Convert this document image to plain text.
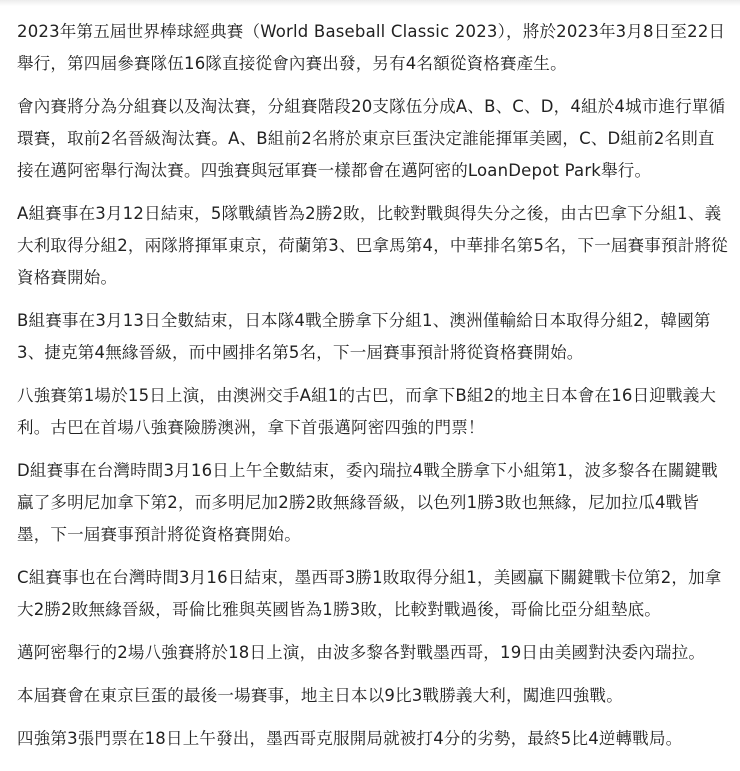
2023年第五屆世界棒球經典賽（World Baseball Classic 2023），將於2023年3月8日至22日舉行，第四屆參賽隊伍16隊直接從會內賽出發，另有4名額從資格賽產生。

會內賽將分為分組賽以及淘汰賽，分組賽階段20支隊伍分成A、B、C、D，4組於4城市進行單循環賽，取前2名晉級淘汰賽。A、B組前2名將於東京巨蛋決定誰能揮軍美國，C、D組前2名則直接在邁阿密舉行淘汰賽。四強賽與冠軍賽一樣都會在邁阿密的LoanDepot Park舉行。

A組賽事在3月12日結束，5隊戰績皆為2勝2敗，比較對戰與得失分之後，由古巴拿下分組1、義大利取得分組2，兩隊將揮軍東京，荷蘭第3、巴拿馬第4，中華排名第5名，下一屆賽事預計將從資格賽開始。

B組賽事在3月13日全數結束，日本隊4戰全勝拿下分組1、澳洲僅輸給日本取得分組2，韓國第3、捷克第4無緣晉級，而中國排名第5名，下一屆賽事預計將從資格賽開始。

八強賽第1場於15日上演，由澳洲交手A組1的古巴，而拿下B組2的地主日本會在16日迎戰義大利。古巴在首場八強賽險勝澳洲，拿下首張邁阿密四強的門票！

D組賽事在台灣時間3月16日上午全數結束，委內瑞拉4戰全勝拿下小組第1，波多黎各在關鍵戰贏了多明尼加拿下第2，而多明尼加2勝2敗無緣晉級，以色列1勝3敗也無緣，尼加拉瓜4戰皆墨，下一屆賽事預計將從資格賽開始。

C組賽事也在台灣時間3月16日結束，墨西哥3勝1敗取得分組1，美國贏下關鍵戰卡位第2，加拿大2勝2敗無緣晉級，哥倫比雅與英國皆為1勝3敗，比較對戰過後，哥倫比亞分組墊底。

邁阿密舉行的2場八強賽將於18日上演，由波多黎各對戰墨西哥，19日由美國對決委內瑞拉。

本屆賽會在東京巨蛋的最後一場賽事，地主日本以9比3戰勝義大利，闖進四強戰。

四強第3張門票在18日上午發出，墨西哥克服開局就被打4分的劣勢，最終5比4逆轉戰局。
